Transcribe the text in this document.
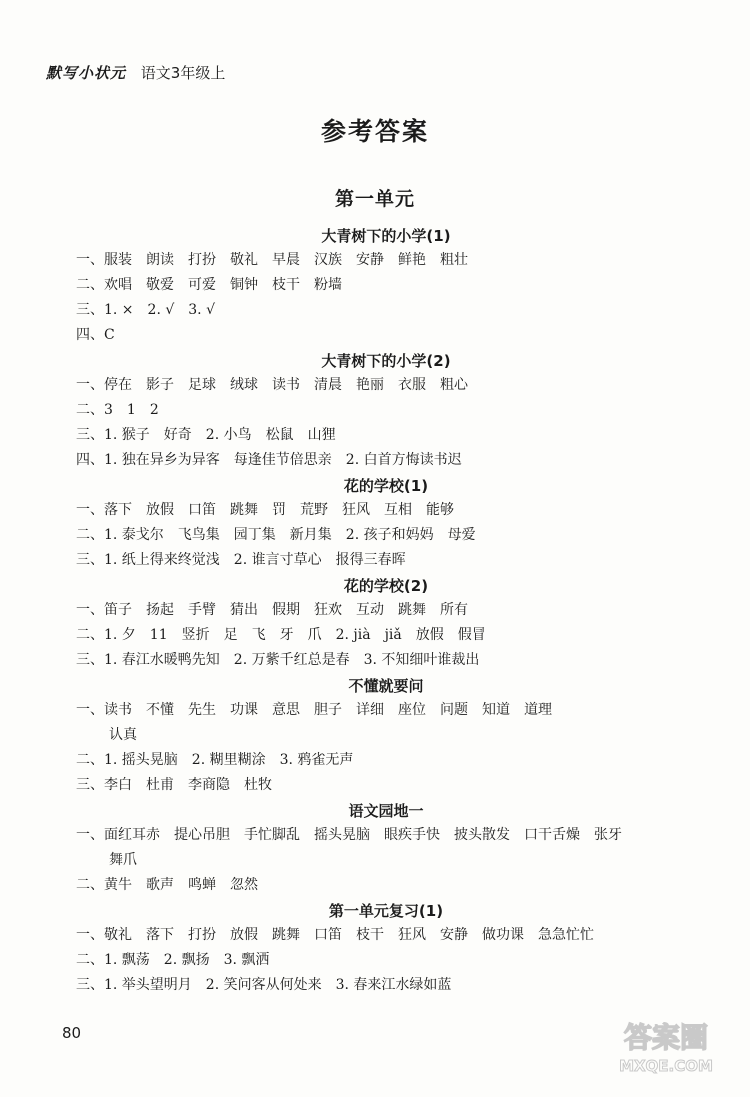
默写小状元 语文3年级上
参考答案
第一单元
大青树下的小学(1)
一、服装　朗读　打扮　敬礼　早晨　汉族　安静　鲜艳　粗壮
二、欢唱　敬爱　可爱　铜钟　枝干　粉墙
三、1. ×　2. √　3. √
四、C
大青树下的小学(2)
一、停在　影子　足球　绒球　读书　清晨　艳丽　衣服　粗心
二、3　1　2
三、1. 猴子　好奇　2. 小鸟　松鼠　山狸
四、1. 独在异乡为异客　每逢佳节倍思亲　2. 白首方悔读书迟
花的学校(1)
一、落下　放假　口笛　跳舞　罚　荒野　狂风　互相　能够
二、1. 泰戈尔　飞鸟集　园丁集　新月集　2. 孩子和妈妈　母爱
三、1. 纸上得来终觉浅　2. 谁言寸草心　报得三春晖
花的学校(2)
一、笛子　扬起　手臂　猜出　假期　狂欢　互动　跳舞　所有
二、1. 夕　11　竖折　足　飞　牙　爪　2. jià　jiǎ　放假　假冒
三、1. 春江水暖鸭先知　2. 万紫千红总是春　3. 不知细叶谁裁出
不懂就要问
一、读书　不懂　先生　功课　意思　胆子　详细　座位　问题　知道　道理
认真
二、1. 摇头晃脑　2. 糊里糊涂　3. 鸦雀无声
三、李白　杜甫　李商隐　杜牧
语文园地一
一、面红耳赤　提心吊胆　手忙脚乱　摇头晃脑　眼疾手快　披头散发　口干舌燥　张牙
舞爪
二、黄牛　歌声　鸣蝉　忽然
第一单元复习(1)
一、敬礼　落下　打扮　放假　跳舞　口笛　枝干　狂风　安静　做功课　急急忙忙
二、1. 飘荡　2. 飘扬　3. 飘洒
三、1. 举头望明月　2. 笑问客从何处来　3. 春来江水绿如蓝
80	答案圈
MXQE.COM
